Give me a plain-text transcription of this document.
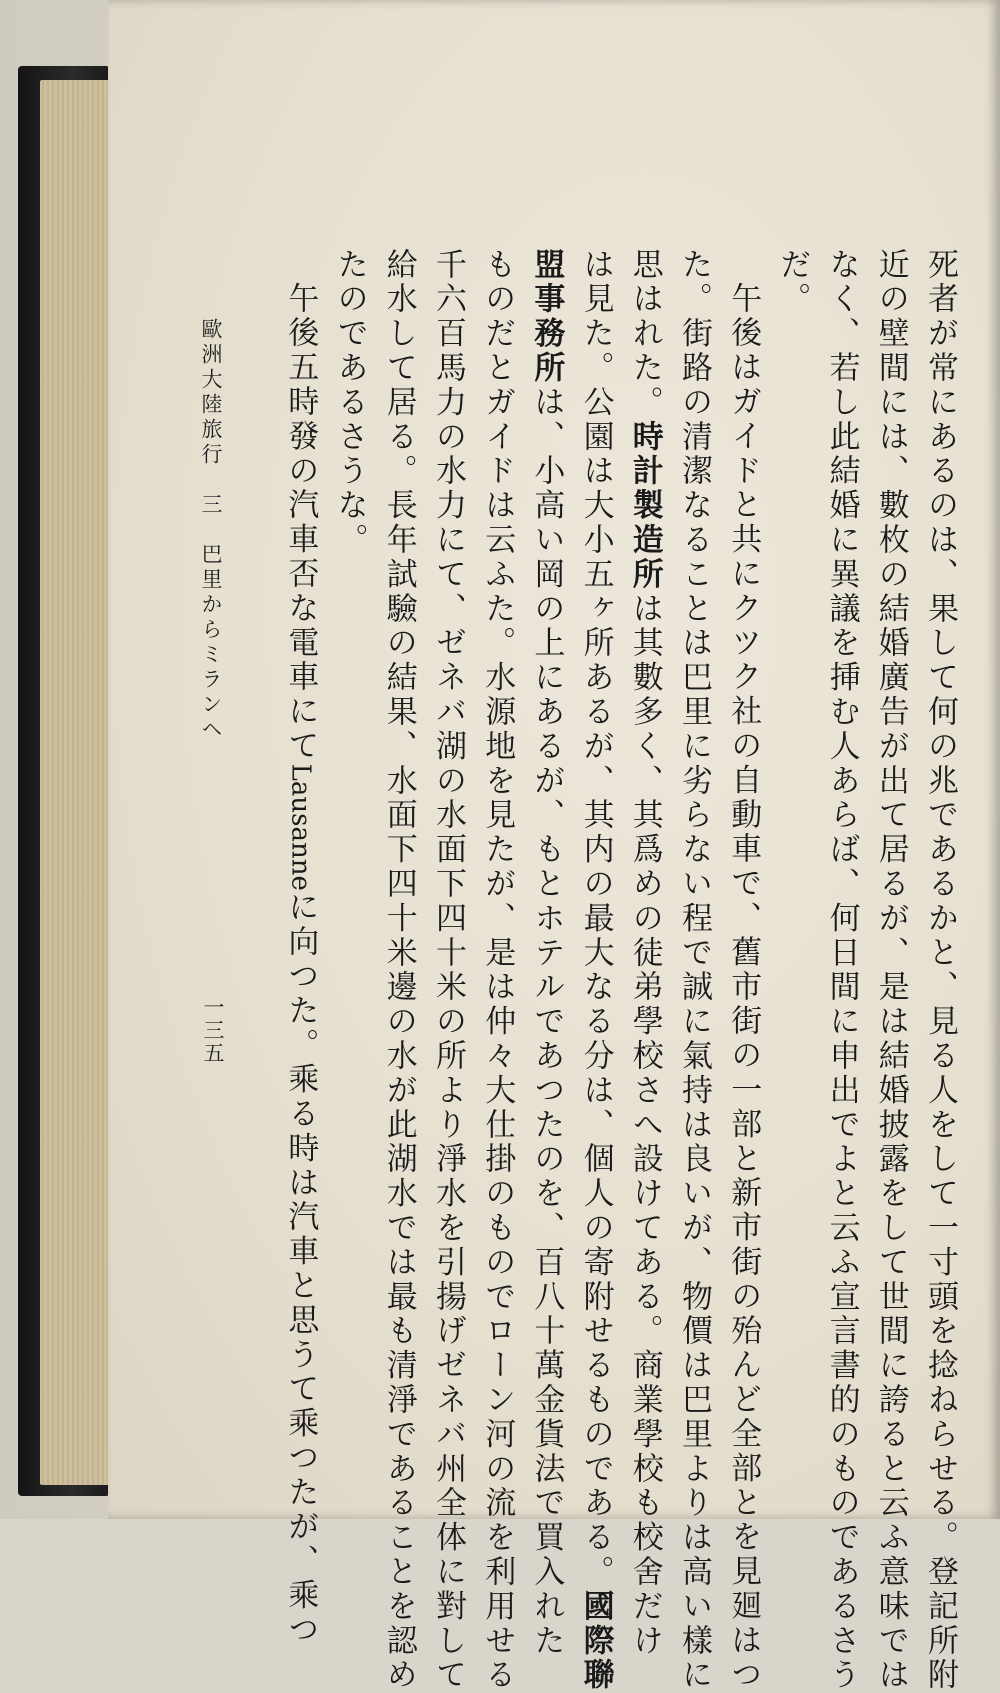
死者が常にあるのは、果して何の兆であるかと、見る人をして一寸頭を捻ねらせる。登記所附
近の壁間には、數枚の結婚廣告が出て居るが、是は結婚披露をして世間に誇ると云ふ意味では
なく、若し此結婚に異議を挿む人あらば、何日間に申出でよと云ふ宣言書的のものであるさう
だ。
午後はガイドと共にクツク社の自動車で、舊市街の一部と新市街の殆んど全部とを見廻はつ
た。街路の清潔なることは巴里に劣らない程で誠に氣持は良いが、物價は巴里よりは高い樣に
思はれた。時計製造所は其數多く、其爲めの徒弟學校さへ設けてある。商業學校も校舍だけ
は見た。公園は大小五ヶ所あるが、其内の最大なる分は、個人の寄附せるものである。國際聯
盟事務所は、小高い岡の上にあるが、もとホテルであつたのを、百八十萬金貨法で買入れた
ものだとガイドは云ふた。水源地を見たが、是は仲々大仕掛のものでローン河の流を利用せる
千六百馬力の水力にて、ゼネバ湖の水面下四十米の所より淨水を引揚げゼネバ州全体に對して
給水して居る。長年試驗の結果、水面下四十米邊の水が此湖水では最も清淨であることを認め
たのであるさうな。
午後五時發の汽車否な電車にてLausanneに向つた。乘る時は汽車と思うて乘つたが、乘つ
歐洲大陸旅行　三　巴里からミランヘ
一三五
